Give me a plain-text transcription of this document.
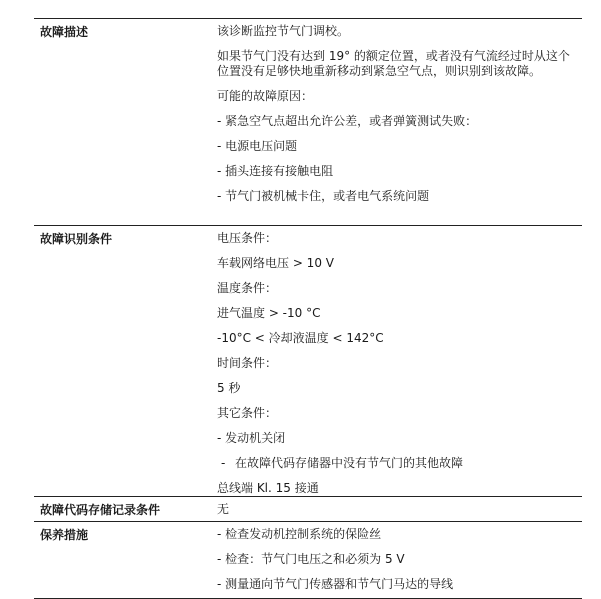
故障描述	该诊断监控节气门调校。

如果节气门没有达到 19° 的额定位置，或者没有气流经过时从这个位置没有足够快地重新移动到紧急空气点，则识别到该故障。

可能的故障原因：

- 紧急空气点超出允许公差，或者弹簧测试失败：

- 电源电压问题

- 插头连接有接触电阻

- 节气门被机械卡住，或者电气系统问题

故障识别条件	电压条件：

车载网络电压 > 10 V

温度条件：

进气温度 > -10 °C

-10°C < 冷却液温度 < 142°C

时间条件：

5 秒

其它条件：

- 发动机关闭

- 在故障代码存储器中没有节气门的其他故障

总线端 Kl. 15 接通

故障代码存储记录条件	无

保养措施	- 检查发动机控制系统的保险丝

- 检查：节气门电压之和必须为 5 V

- 测量通向节气门传感器和节气门马达的导线
